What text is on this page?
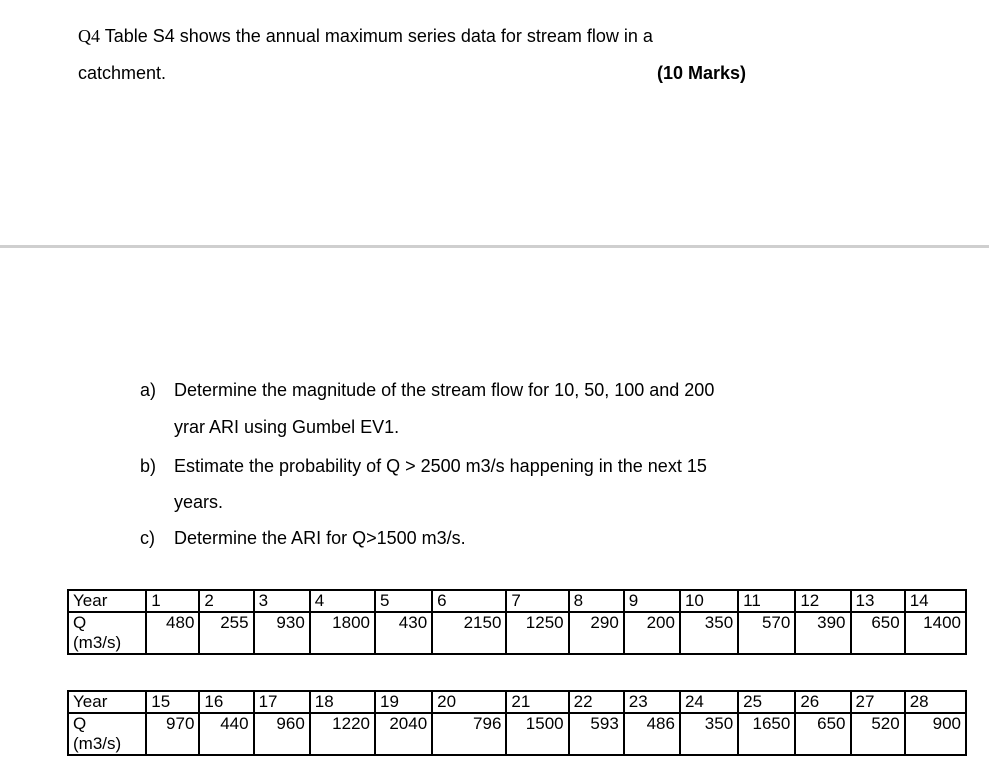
Q4 Table S4 shows the annual maximum series data for stream flow in a
catchment.	(10 Marks)
a) Determine the magnitude of the stream flow for 10, 50, 100 and 200
yrar ARI using Gumbel EV1.
b) Estimate the probability of Q > 2500 m3/s happening in the next 15
years.
c) Determine the ARI for Q>1500 m3/s.
Year	1	2	3	4	5	6	7	8	9	10	11	12	13	14

Q
(m3/s)	480	255	930	1800	430	2150	1250	290	200	350	570	390	650	1400
Year	15	16	17	18	19	20	21	22	23	24	25	26	27	28

Q
(m3/s)	970	440	960	1220	2040	796	1500	593	486	350	1650	650	520	900
